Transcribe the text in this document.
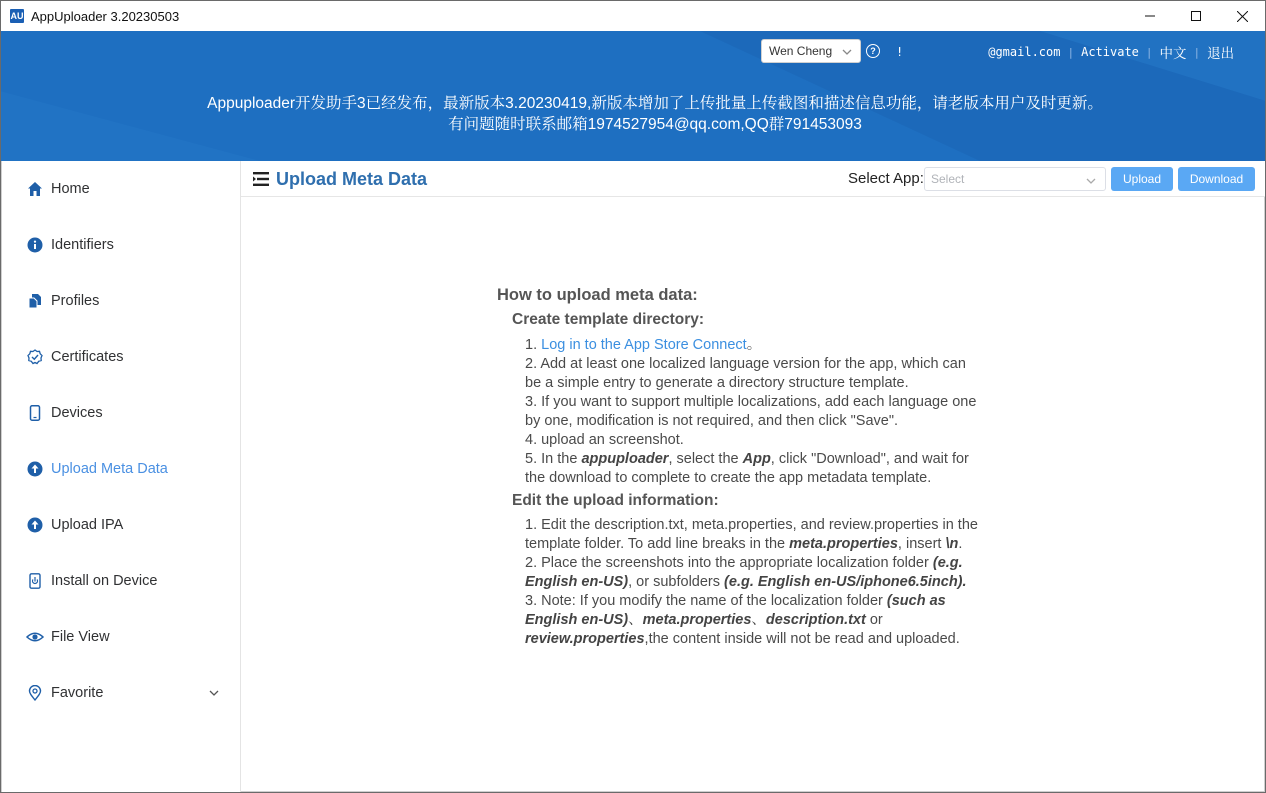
AU AppUploader 3.20230503
Wen Cheng	?	!	@gmail.com | Activate | 中文 | 退出
Appuploader开发助手3已经发布，最新版本3.20230419,新版本增加了上传批量上传截图和描述信息功能，请老版本用户及时更新。
有问题随时联系邮箱1974527954@qq.com,QQ群791453093
Home
Identifiers
Profiles
Certificates
Devices
Upload Meta Data
Upload IPA
Install on Device
File View
Favorite
Upload Meta Data	Select App: Select	Upload	Download
How to upload meta data:
Create template directory:

1. Log in to the App Store Connect。

2. Add at least one localized language version for the app, which can be a simple entry to generate a directory structure template.

3. If you want to support multiple localizations, add each language one by one, modification is not required, and then click "Save".

4. upload an screenshot.

5. In the appuploader, select the App, click "Download", and wait for the download to complete to create the app metadata template.

Edit the upload information:

1. Edit the description.txt, meta.properties, and review.properties in the template folder. To add line breaks in the meta.properties, insert \n.

2. Place the screenshots into the appropriate localization folder (e.g. English en-US), or subfolders (e.g. English en-US/iphone6.5inch).

3. Note: If you modify the name of the localization folder (such as English en-US)、meta.properties、description.txt or review.properties,the content inside will not be read and uploaded.
